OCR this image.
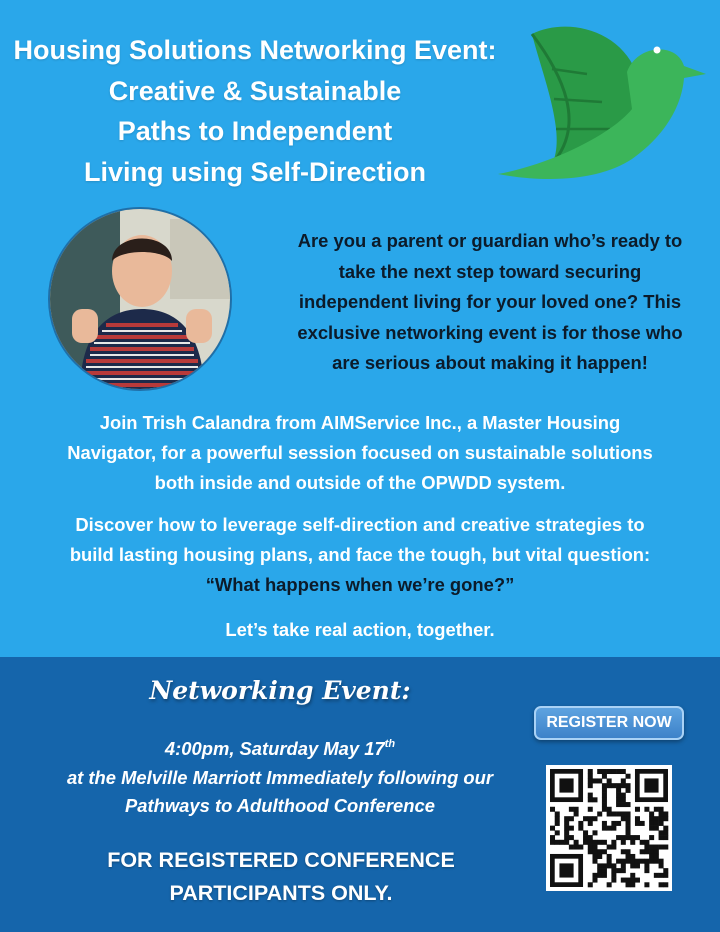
Housing Solutions Networking Event:
Creative & Sustainable
Paths to Independent
Living using Self-Direction

Are you a parent or guardian who’s ready to
take the next step toward securing
independent living for your loved one? This
exclusive networking event is for those who
are serious about making it happen!

Join Trish Calandra from AIMService Inc., a Master Housing
Navigator, for a powerful session focused on sustainable solutions
both inside and outside of the OPWDD system.

Discover how to leverage self-direction and creative strategies to
build lasting housing plans, and face the tough, but vital question:
“What happens when we’re gone?”

Let’s take real action, together.

Networking Event:

4:00pm, Saturday May 17th
at the Melville Marriott Immediately following our
Pathways to Adulthood Conference

FOR REGISTERED CONFERENCE
PARTICIPANTS ONLY.

REGISTER NOW
